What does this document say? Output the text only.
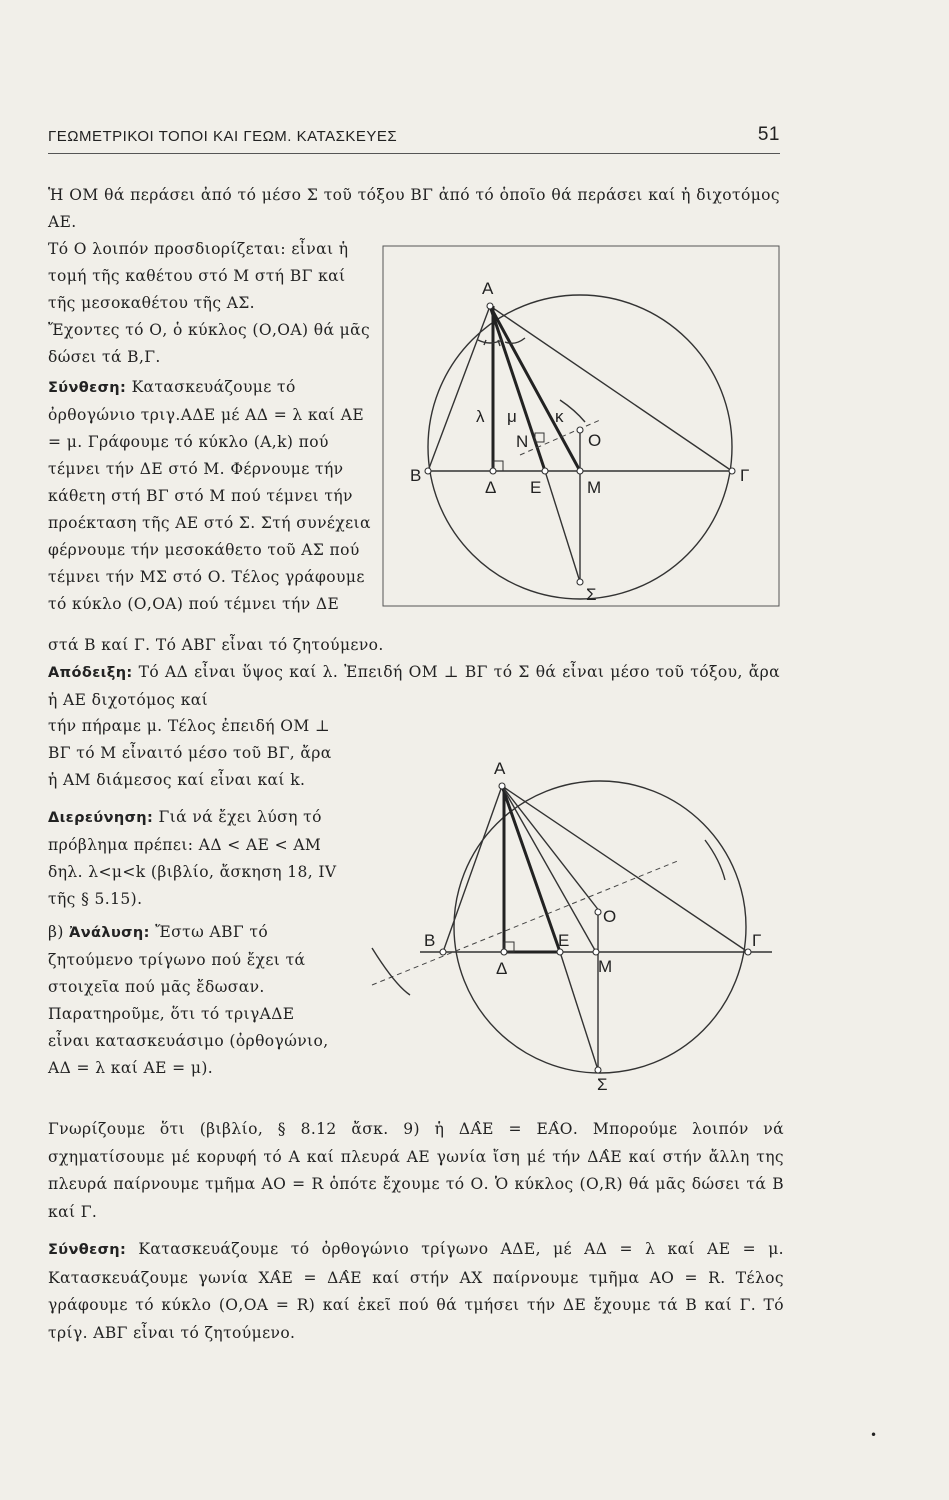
ΓΕΩΜΕΤΡΙΚΟΙ ΤΟΠΟΙ ΚΑΙ ΓΕΩΜ. ΚΑΤΑΣΚΕΥΕΣ	51

Ἡ ΟΜ θά περάσει ἀπό τό μέσο Σ τοῦ τόξου ΒΓ ἀπό τό ὁποῖο θά περάσει καί ἡ διχοτόμος ΑΕ.

Τό Ο λοιπόν προσδιορίζεται: εἶναι ἡ τομή τῆς καθέτου στό Μ στή ΒΓ καί τῆς μεσοκαθέτου τῆς ΑΣ.

Ἔχοντες τό Ο, ὁ κύκλος (Ο,ΟΑ) θά μᾶς δώσει τά Β,Γ.

Σύνθεση: Κατασκευάζουμε τό ὀρθογώνιο τριγ.ΑΔΕ μέ ΑΔ = λ καί ΑΕ = μ. Γράφουμε τό κύκλο (Α,k) πού τέμνει τήν ΔΕ στό Μ. Φέρνουμε τήν κάθετη στή ΒΓ στό Μ πού τέμνει τήν προέκταση τῆς ΑΕ στό Σ. Στή συνέχεια φέρνουμε τήν μεσοκάθετο τοῦ ΑΣ πού τέμνει τήν ΜΣ στό Ο. Τέλος γράφουμε τό κύκλο (Ο,ΟΑ) πού τέμνει τήν ΔΕ

στά Β καί Γ. Τό ΑΒΓ εἶναι τό ζητούμενο.

Απόδειξη: Τό ΑΔ εἶναι ὕψος καί λ. Ἐπειδή ΟΜ ⊥ ΒΓ τό Σ θά εἶναι μέσο τοῦ τόξου, ἄρα ἡ ΑΕ διχοτόμος καί

τήν πήραμε μ. Τέλος ἐπειδή ΟΜ ⊥ ΒΓ τό Μ εἶναιτό μέσο τοῦ ΒΓ, ἄρα ἡ ΑΜ διάμεσος καί εἶναι καί k.

Διερεύνηση: Γιά νά ἔχει λύση τό πρόβλημα πρέπει: ΑΔ < ΑΕ < ΑΜ δηλ. λ<μ<k (βιβλίο, ἄσκηση 18, IV τῆς § 5.15).

β) Ἀνάλυση: Ἔστω ΑΒΓ τό ζητούμενο τρίγωνο πού ἔχει τά στοιχεῖα πού μᾶς ἔδωσαν. Παρατηροῦμε, ὅτι τό τριγΑΔΕ εἶναι κατασκευάσιμο (ὀρθογώνιο, ΑΔ = λ καί ΑΕ = μ).

Γνωρίζουμε ὅτι (βιβλίο, § 8.12 ἄσκ. 9) ἡ ΔΑ̂Ε = ΕΑ̂Ο. Μπορούμε λοιπόν νά σχηματίσουμε μέ κορυφή τό Α καί πλευρά ΑΕ γωνία ἴση μέ τήν ΔΑ̂Ε καί στήν ἄλλη της πλευρά παίρνουμε τμῆμα ΑΟ = R ὁπότε ἔχουμε τό Ο. Ὁ κύκλος (Ο,R) θά μᾶς δώσει τά Β καί Γ.

Σύνθεση: Κατασκευάζουμε τό ὀρθογώνιο τρίγωνο ΑΔΕ, μέ ΑΔ = λ καί ΑΕ = μ. Κατασκευάζουμε γωνία ΧΑ̂Ε = ΔΑ̂Ε καί στήν ΑΧ παίρνουμε τμῆμα ΑΟ = R. Τέλος γράφουμε τό κύκλο (Ο,ΟΑ = R) καί ἐκεῖ πού θά τμήσει τήν ΔΕ ἔχουμε τά Β καί Γ. Τό τρίγ. ΑΒΓ εἶναι τό ζητούμενο.

Α
Β	Γ
Δ Ε	Μ
Ν	Ο
Σ
λ μ κ
Α
Β	Γ
Δ
Ε
Μ
Ο
Σ
•
